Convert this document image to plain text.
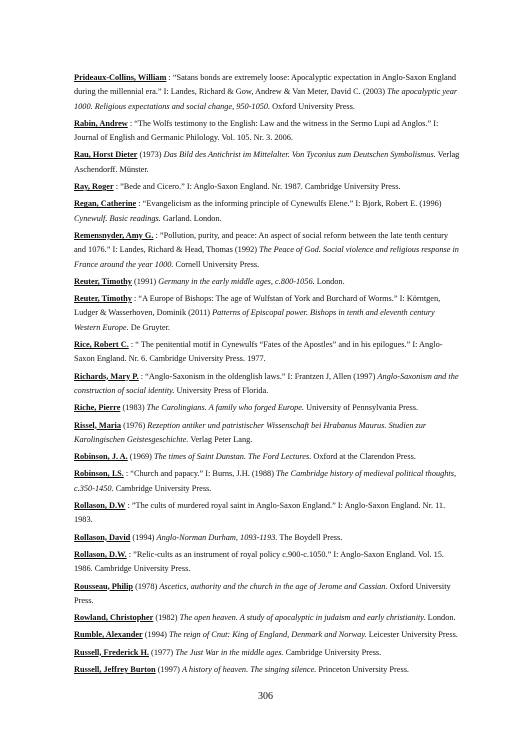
Prideaux-Collins, William : “Satans bonds are extremely loose: Apocalyptic expectation in Anglo-Saxon England during the millennial era.” I: Landes, Richard & Gow, Andrew & Van Meter, David C. (2003) The apocalyptic year 1000. Religious expectations and social change, 950-1050. Oxford University Press.

Rabin, Andrew : “The Wolfs testimony to the English: Law and the witness in the Sermo Lupi ad Anglos.” I: Journal of English and Germanic Philology. Vol. 105. Nr. 3. 2006.

Rau, Horst Dieter (1973) Das Bild des Antichrist im Mittelalter. Von Tyconius zum Deutschen Symbolismus. Verlag Aschendorff. Münster.

Ray, Roger : ”Bede and Cicero.” I: Anglo-Saxon England. Nr. 1987. Cambridge University Press.

Regan, Catherine : “Evangelicism as the informing principle of Cynewulfs Elene.” I: Bjork, Robert E. (1996) Cynewulf. Basic readings. Garland. London.

Remensnyder, Amy G. : ”Pollution, purity, and peace: An aspect of social reform between the late tenth century and 1076.” I: Landes, Richard & Head, Thomas (1992) The Peace of God. Social violence and religious response in France around the year 1000. Cornell University Press.

Reuter, Timothy (1991) Germany in the early middle ages, c.800-1056. London.

Reuter, Timothy : “A Europe of Bishops: The age of Wulfstan of York and Burchard of Worms.” I: Körntgen, Ludger & Wasserhoven, Dominik (2011) Patterns of Episcopal power. Bishops in tenth and eleventh century Western Europe. De Gruyter.

Rice, Robert C. : “ The penitential motif in Cynewulfs “Fates of the Apostles” and in his epilogues.” I: Anglo-Saxon England. Nr. 6. Cambridge University Press. 1977.

Richards, Mary P. : “Anglo-Saxonism in the oldenglish laws.” I: Frantzen J, Allen (1997) Anglo-Saxonism and the construction of social identity. University Press of Florida.

Riche, Pierre (1983) The Carolingians. A family who forged Europe. University of Pennsylvania Press.

Rissel, Maria (1976) Rezeption antiker und patristischer Wissenschaft bei Hrabanus Maurus. Studien zur Karolingischen Geistesgeschichte. Verlag Peter Lang.

Robinson, J. A. (1969) The times of Saint Dunstan. The Ford Lectures. Oxford at the Clarendon Press.

Robinson, I.S. : “Church and papacy.” I: Burns, J.H. (1988) The Cambridge history of medieval political thoughts, c.350-1450. Cambridge University Press.

Rollason, D.W : ”The cults of murdered royal saint in Anglo-Saxon England.” I: Anglo-Saxon England. Nr. 11. 1983.

Rollason, David (1994) Anglo-Norman Durham, 1093-1193. The Boydell Press.

Rollason, D.W. : ”Relic-cults as an instrument of royal policy c.900-c.1050.” I: Anglo-Saxon England. Vol. 15. 1986. Cambridge University Press.

Rousseau, Philip (1978) Ascetics, authority and the church in the age of Jerome and Cassian. Oxford University Press.

Rowland, Christopher (1982) The open heaven. A study of apocalyptic in judaism and early christianity. London.

Rumble, Alexander (1994) The reign of Cnut: King of England, Denmark and Norway. Leicester University Press.

Russell, Frederick H. (1977) The Just War in the middle ages. Cambridge University Press.

Russell, Jeffrey Burton (1997) A history of heaven. The singing silence. Princeton University Press.

306
